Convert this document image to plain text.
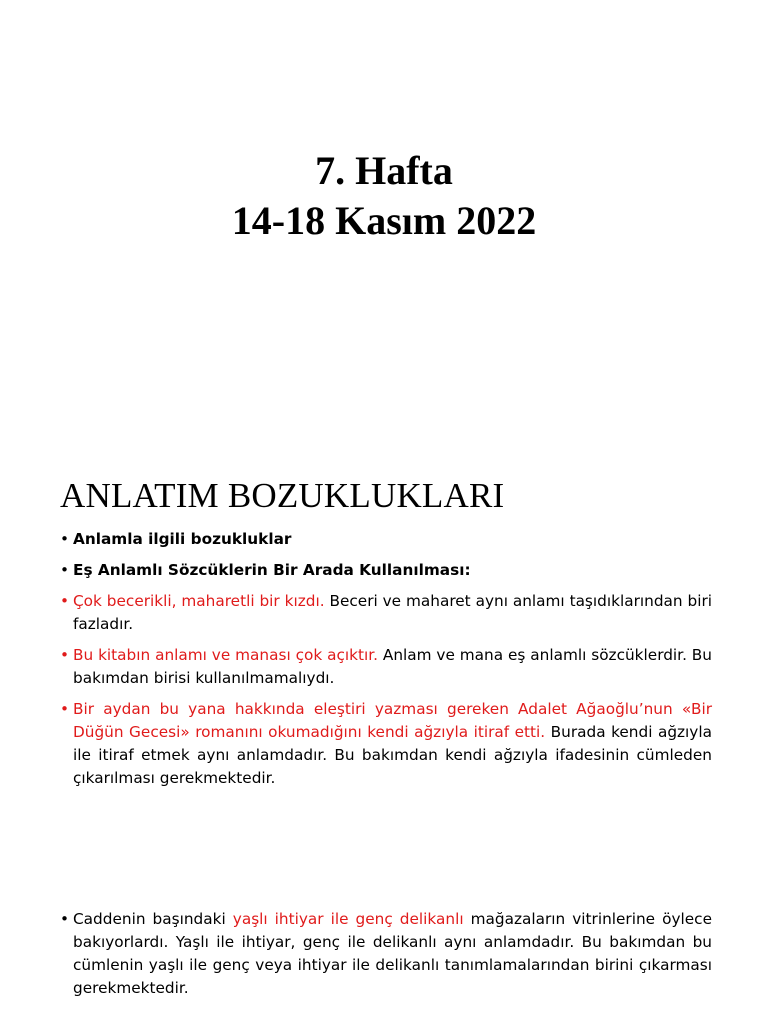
7. Hafta
14-18 Kasım 2022
ANLATIM BOZUKLUKLARI
• Anlamla ilgili bozukluklar
• Eş Anlamlı Sözcüklerin Bir Arada Kullanılması:
• Çok becerikli, maharetli bir kızdı. Beceri ve maharet aynı anlamı taşıdıklarından biri fazladır.
• Bu kitabın anlamı ve manası çok açıktır. Anlam ve mana eş anlamlı sözcüklerdir. Bu bakımdan birisi kullanılmamalıydı.
• Bir aydan bu yana hakkında eleştiri yazması gereken Adalet Ağaoğlu’nun «Bir Düğün Gecesi» romanını okumadığını kendi ağzıyla itiraf etti. Burada kendi ağzıyla ile itiraf etmek aynı anlamdadır. Bu bakımdan kendi ağzıyla ifadesinin cümleden çıkarılması gerekmektedir.
• Caddenin başındaki yaşlı ihtiyar ile genç delikanlı mağazaların vitrinlerine öylece bakıyorlardı. Yaşlı ile ihtiyar, genç ile delikanlı aynı anlamdadır. Bu bakımdan bu cümlenin yaşlı ile genç veya ihtiyar ile delikanlı tanımlamalarından birini çıkarması gerekmektedir.
